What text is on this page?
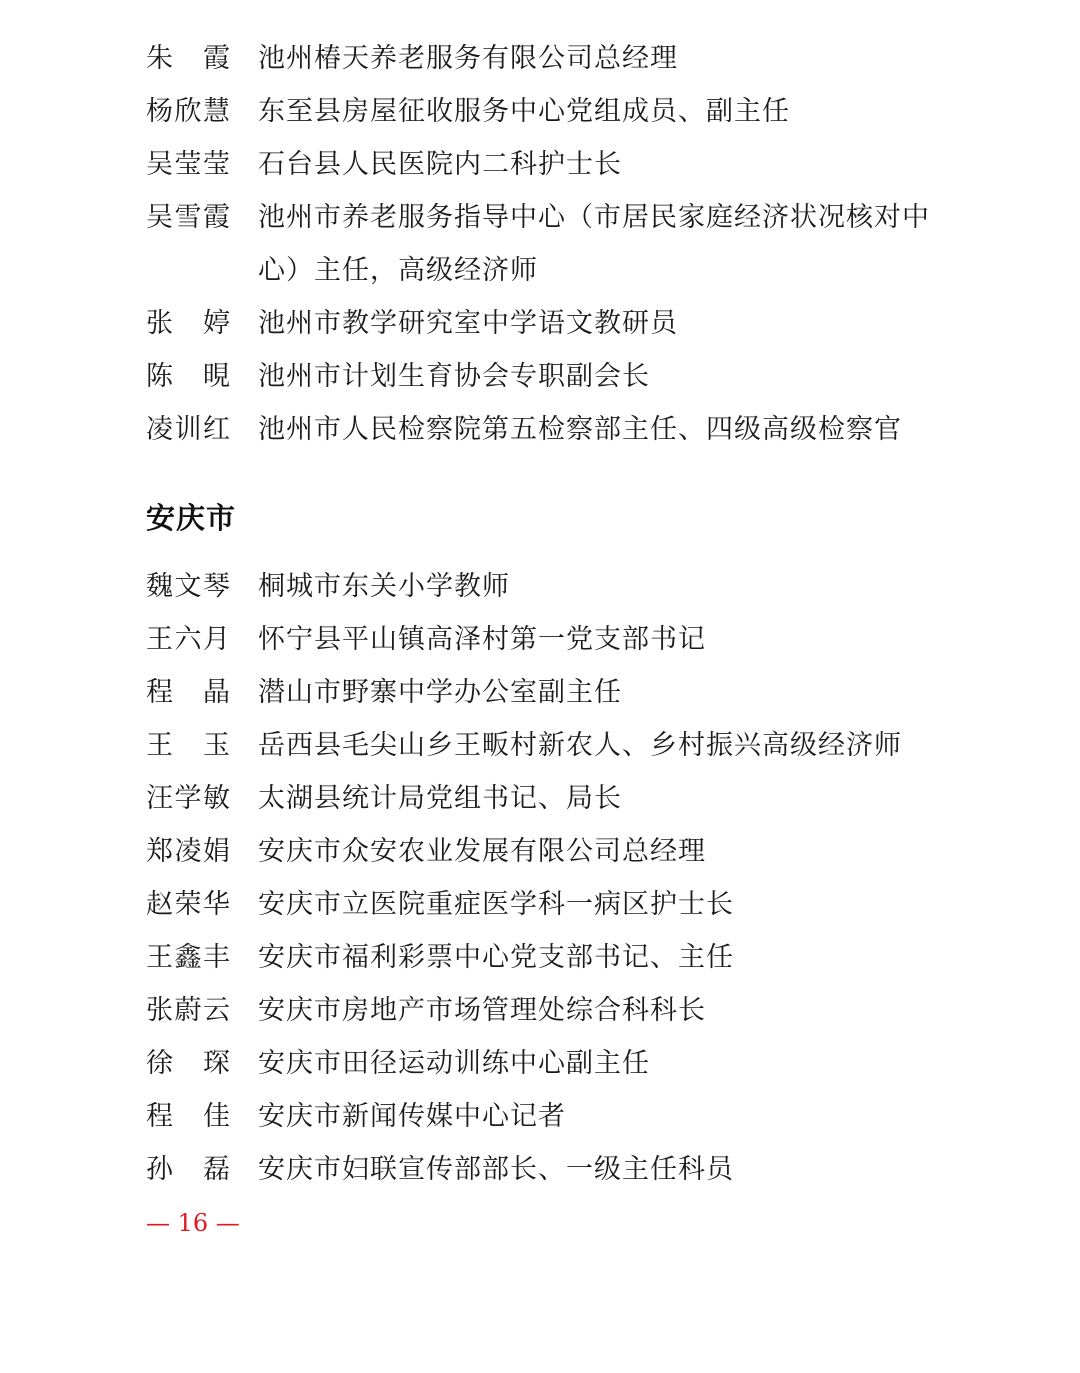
朱　霞 池州椿天养老服务有限公司总经理
杨欣慧 东至县房屋征收服务中心党组成员、副主任
吴莹莹 石台县人民医院内二科护士长
吴雪霞 池州市养老服务指导中心（市居民家庭经济状况核对中心）主任，高级经济师
张　婷 池州市教学研究室中学语文教研员
陈　晛 池州市计划生育协会专职副会长
凌训红 池州市人民检察院第五检察部主任、四级高级检察官
安庆市
魏文琴 桐城市东关小学教师
王六月 怀宁县平山镇高泽村第一党支部书记
程　晶 潜山市野寨中学办公室副主任
王　玉 岳西县毛尖山乡王畈村新农人、乡村振兴高级经济师
汪学敏 太湖县统计局党组书记、局长
郑凌娟 安庆市众安农业发展有限公司总经理
赵荣华 安庆市立医院重症医学科一病区护士长
王鑫丰 安庆市福利彩票中心党支部书记、主任
张蔚云 安庆市房地产市场管理处综合科科长
徐　琛 安庆市田径运动训练中心副主任
程　佳 安庆市新闻传媒中心记者
孙　磊 安庆市妇联宣传部部长、一级主任科员
— 16 —
